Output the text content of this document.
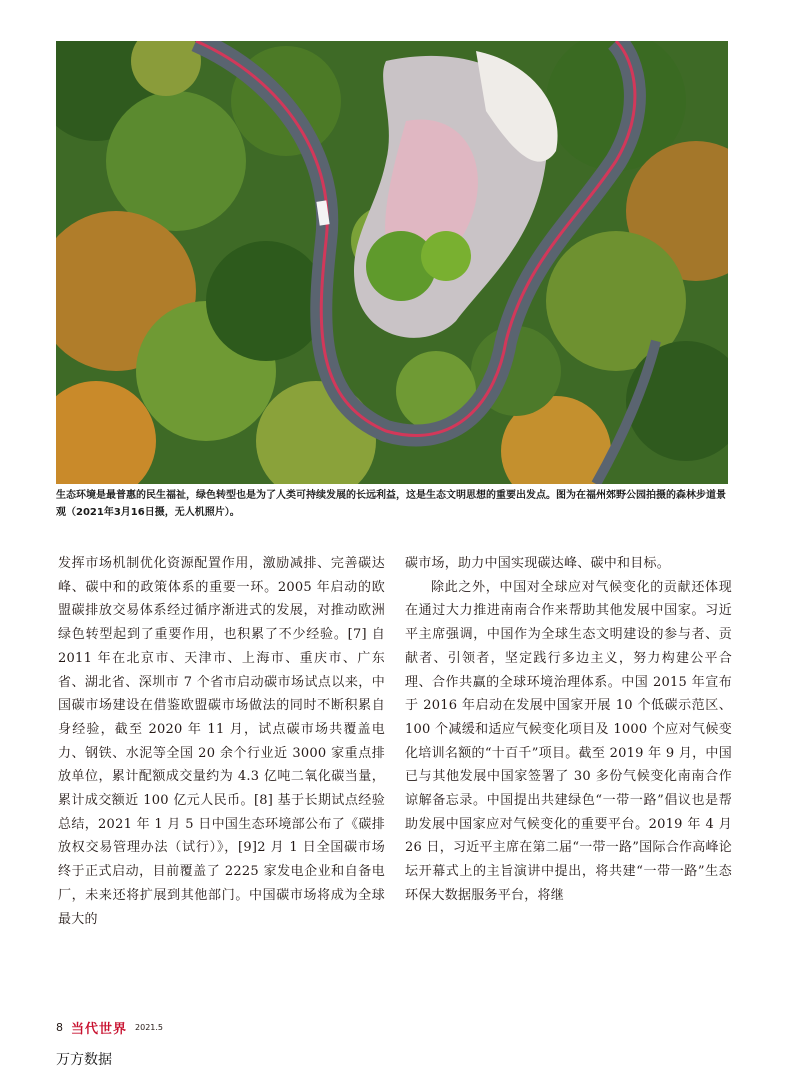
生态环境是最普惠的民生福祉，绿色转型也是为了人类可持续发展的长远利益，这是生态文明思想的重要出发点。图为在福州郊野公园拍摄的森林步道景观（2021年3月16日摄，无人机照片）。

发挥市场机制优化资源配置作用，激励减排、完善碳达峰、碳中和的政策体系的重要一环。2005 年启动的欧盟碳排放交易体系经过循序渐进式的发展，对推动欧洲绿色转型起到了重要作用，也积累了不少经验。[7] 自 2011 年在北京市、天津市、上海市、重庆市、广东省、湖北省、深圳市 7 个省市启动碳市场试点以来，中国碳市场建设在借鉴欧盟碳市场做法的同时不断积累自身经验，截至 2020 年 11 月，试点碳市场共覆盖电力、钢铁、水泥等全国 20 余个行业近 3000 家重点排放单位，累计配额成交量约为 4.3 亿吨二氧化碳当量，累计成交额近 100 亿元人民币。[8] 基于长期试点经验总结，2021 年 1 月 5 日中国生态环境部公布了《碳排放权交易管理办法（试行）》，[9]2 月 1 日全国碳市场终于正式启动，目前覆盖了 2225 家发电企业和自备电厂，未来还将扩展到其他部门。中国碳市场将成为全球最大的

碳市场，助力中国实现碳达峰、碳中和目标。

除此之外，中国对全球应对气候变化的贡献还体现在通过大力推进南南合作来帮助其他发展中国家。习近平主席强调，中国作为全球生态文明建设的参与者、贡献者、引领者，坚定践行多边主义，努力构建公平合理、合作共赢的全球环境治理体系。中国 2015 年宣布于 2016 年启动在发展中国家开展 10 个低碳示范区、100 个减缓和适应气候变化项目及 1000 个应对气候变化培训名额的“十百千”项目。截至 2019 年 9 月，中国已与其他发展中国家签署了 30 多份气候变化南南合作谅解备忘录。中国提出共建绿色“一带一路”倡议也是帮助发展中国家应对气候变化的重要平台。2019 年 4 月 26 日，习近平主席在第二届“一带一路”国际合作高峰论坛开幕式上的主旨演讲中提出，将共建“一带一路”生态环保大数据服务平台，将继

8 当代世界 2021.5

万方数据
